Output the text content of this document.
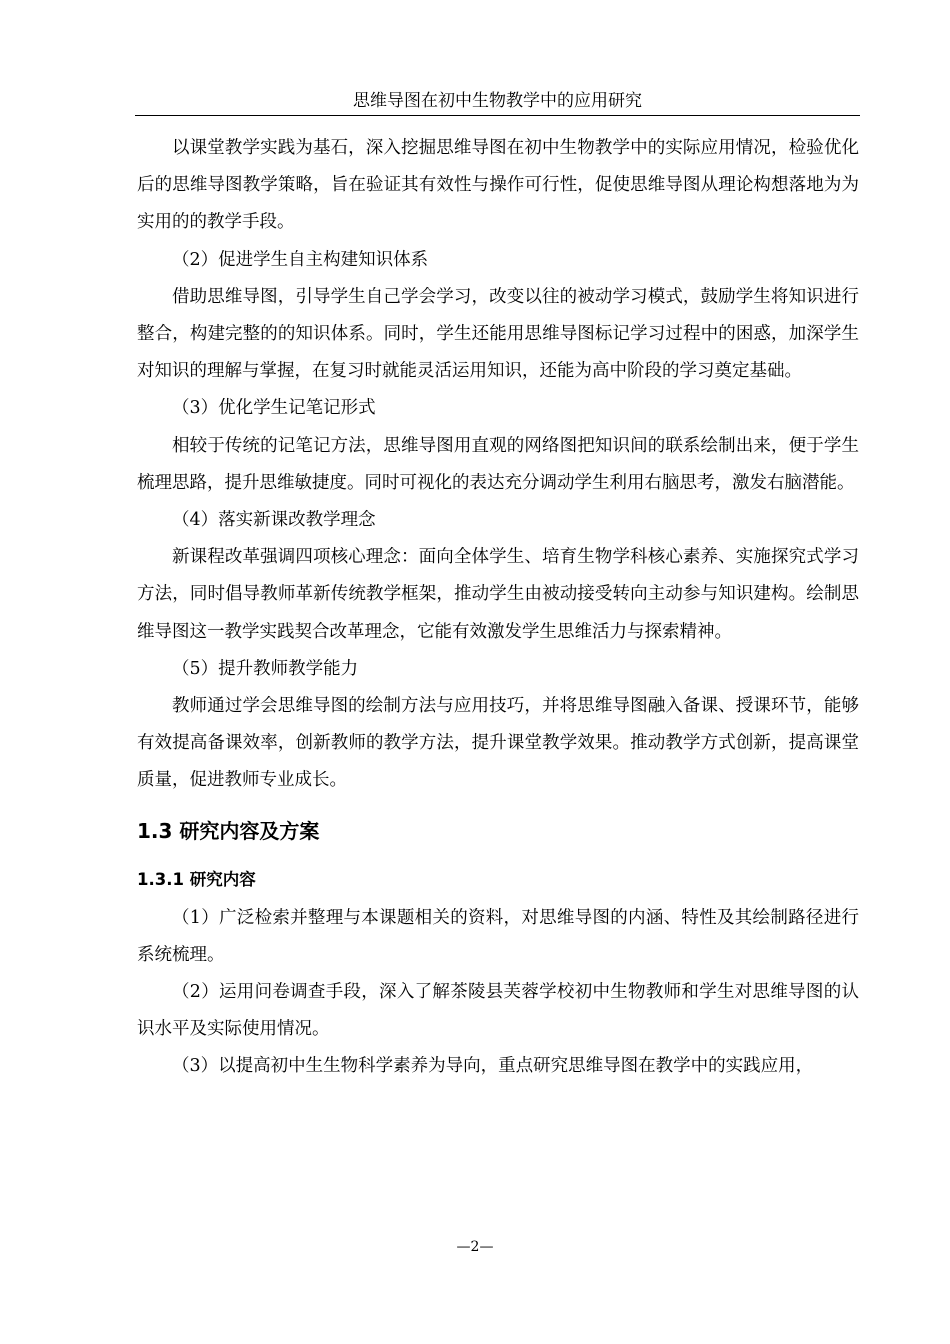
思维导图在初中生物教学中的应用研究

以课堂教学实践为基石，深入挖掘思维导图在初中生物教学中的实际应用情况，检验优化后的思维导图教学策略，旨在验证其有效性与操作可行性，促使思维导图从理论构想落地为为实用的的教学手段。

（2）促进学生自主构建知识体系

借助思维导图，引导学生自己学会学习，改变以往的被动学习模式，鼓励学生将知识进行整合，构建完整的的知识体系。同时，学生还能用思维导图标记学习过程中的困惑，加深学生对知识的理解与掌握，在复习时就能灵活运用知识，还能为高中阶段的学习奠定基础。

（3）优化学生记笔记形式

相较于传统的记笔记方法，思维导图用直观的网络图把知识间的联系绘制出来，便于学生梳理思路，提升思维敏捷度。同时可视化的表达充分调动学生利用右脑思考，激发右脑潜能。

（4）落实新课改教学理念

新课程改革强调四项核心理念：面向全体学生、培育生物学科核心素养、实施探究式学习方法，同时倡导教师革新传统教学框架，推动学生由被动接受转向主动参与知识建构。绘制思维导图这一教学实践契合改革理念，它能有效激发学生思维活力与探索精神。

（5）提升教师教学能力

教师通过学会思维导图的绘制方法与应用技巧，并将思维导图融入备课、授课环节，能够有效提高备课效率，创新教师的教学方法，提升课堂教学效果。推动教学方式创新，提高课堂质量，促进教师专业成长。

1.3 研究内容及方案
1.3.1 研究内容

（1）广泛检索并整理与本课题相关的资料，对思维导图的内涵、特性及其绘制路径进行系统梳理。

（2）运用问卷调查手段，深入了解茶陵县芙蓉学校初中生物教师和学生对思维导图的认识水平及实际使用情况。

（3）以提高初中生生物科学素养为导向，重点研究思维导图在教学中的实践应用，

—2—
